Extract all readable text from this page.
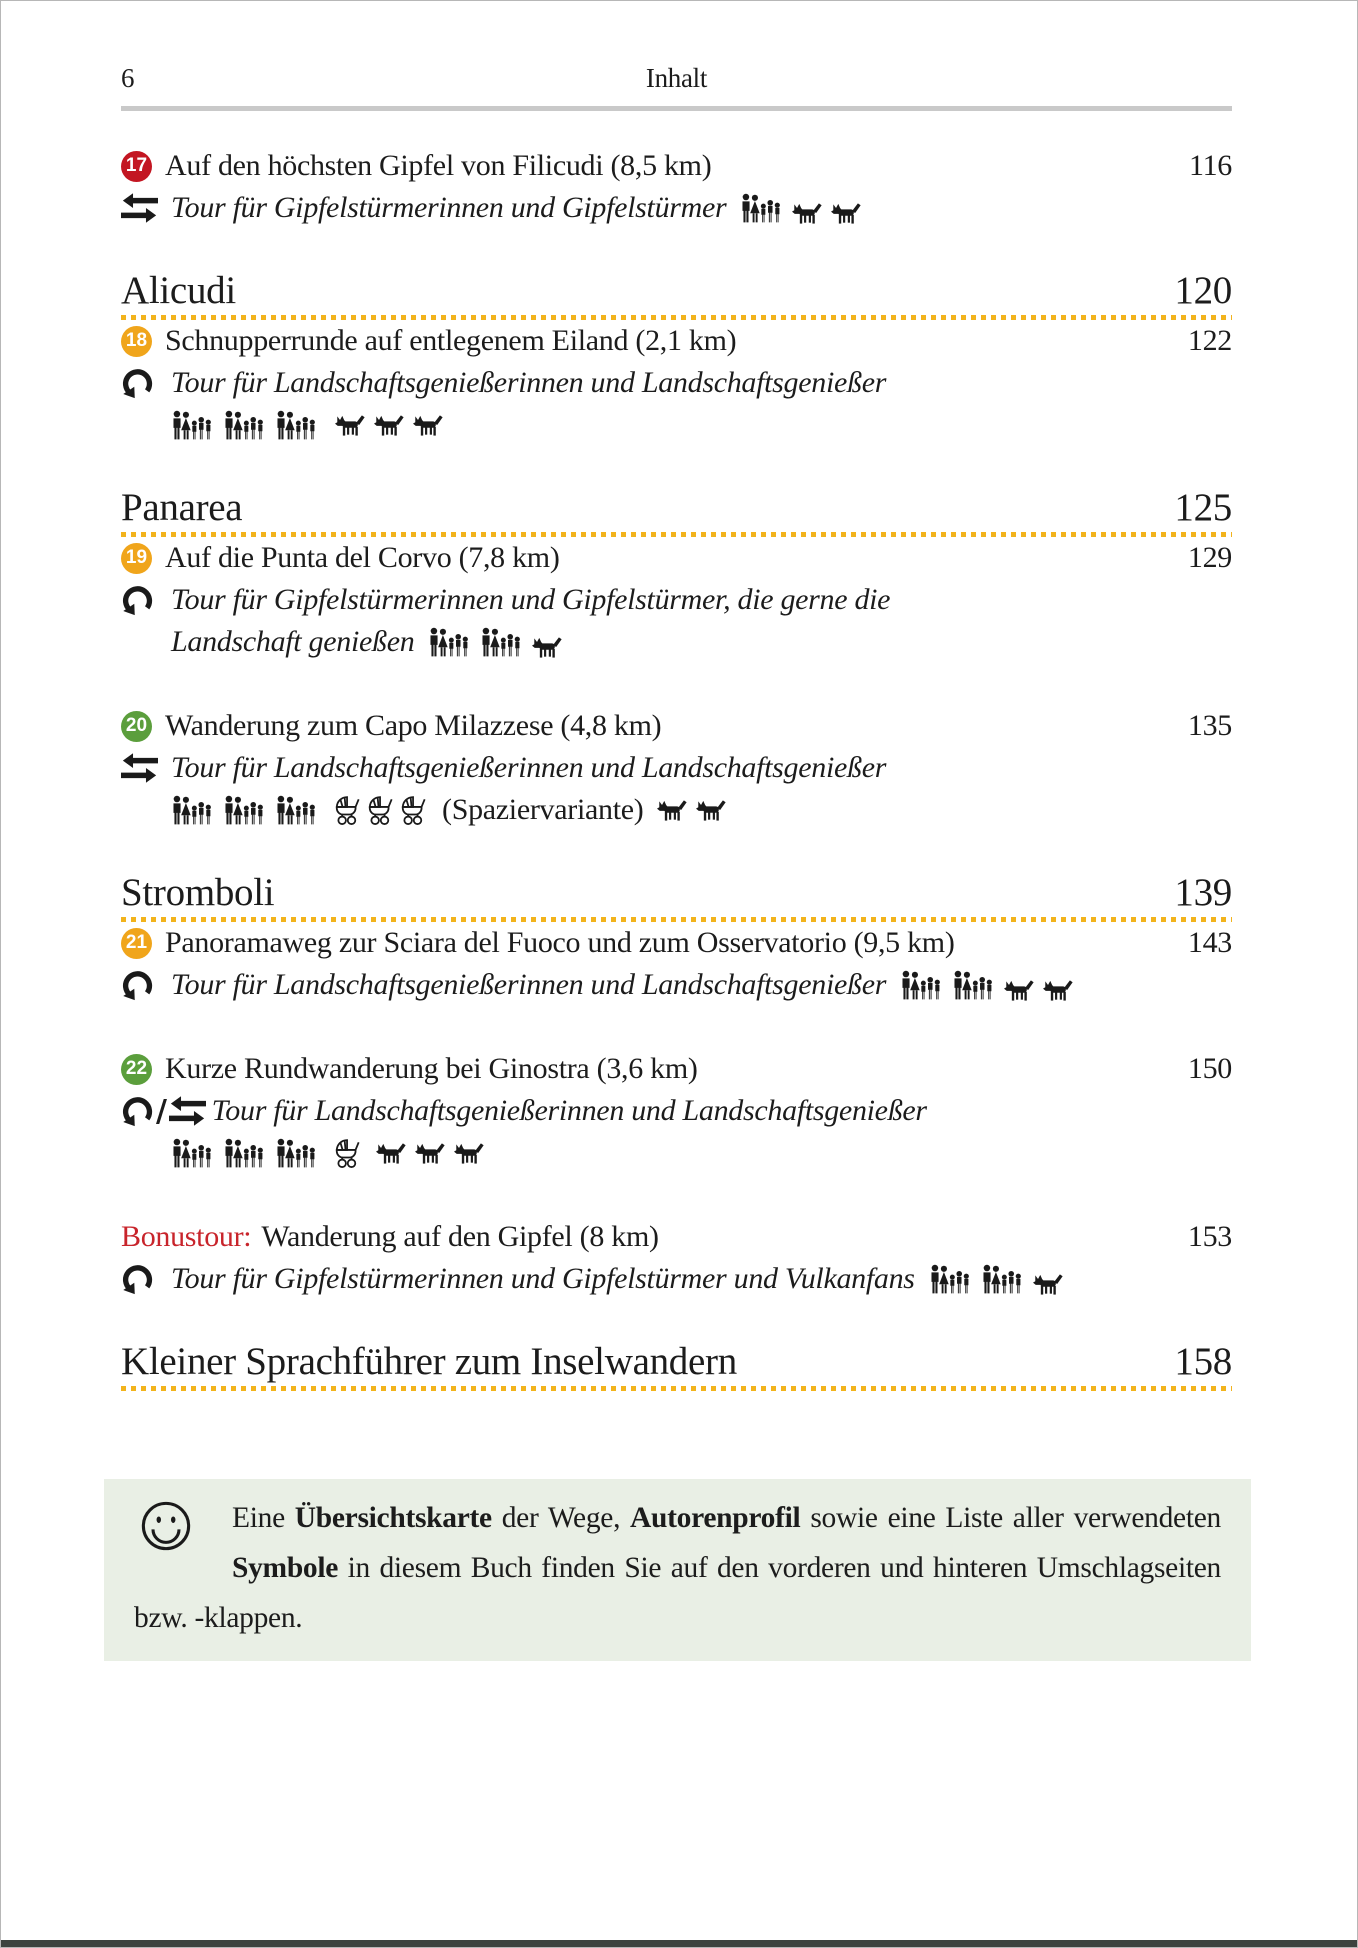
6	Inhalt
17 Auf den höchsten Gipfel von Filicudi (8,5 km)	116
Tour für Gipfelstürmerinnen und Gipfelstürmer
Alicudi	120
18 Schnupperrunde auf entlegenem Eiland (2,1 km)	122
Tour für Landschaftsgenießerinnen und Landschaftsgenießer
Panarea	125
19 Auf die Punta del Corvo (7,8 km)	129
Tour für Gipfelstürmerinnen und Gipfelstürmer, die gerne die
Landschaft genießen
20 Wanderung zum Capo Milazzese (4,8 km)	135
Tour für Landschaftsgenießerinnen und Landschaftsgenießer
(Spaziervariante)
Stromboli	139
21 Panoramaweg zur Sciara del Fuoco und zum Osservatorio (9,5 km)	143
Tour für Landschaftsgenießerinnen und Landschaftsgenießer
22 Kurze Rundwanderung bei Ginostra (3,6 km)	150
/ Tour für Landschaftsgenießerinnen und Landschaftsgenießer
Bonustour: Wanderung auf den Gipfel (8 km)	153
Tour für Gipfelstürmerinnen und Gipfelstürmer und Vulkanfans
Kleiner Sprachführer zum Inselwandern	158
Eine Übersichtskarte der Wege, Autorenprofil sowie eine Liste aller verwendeten Symbole in diesem Buch finden Sie auf den vorderen und hinteren Umschlagseiten bzw. -klappen.
